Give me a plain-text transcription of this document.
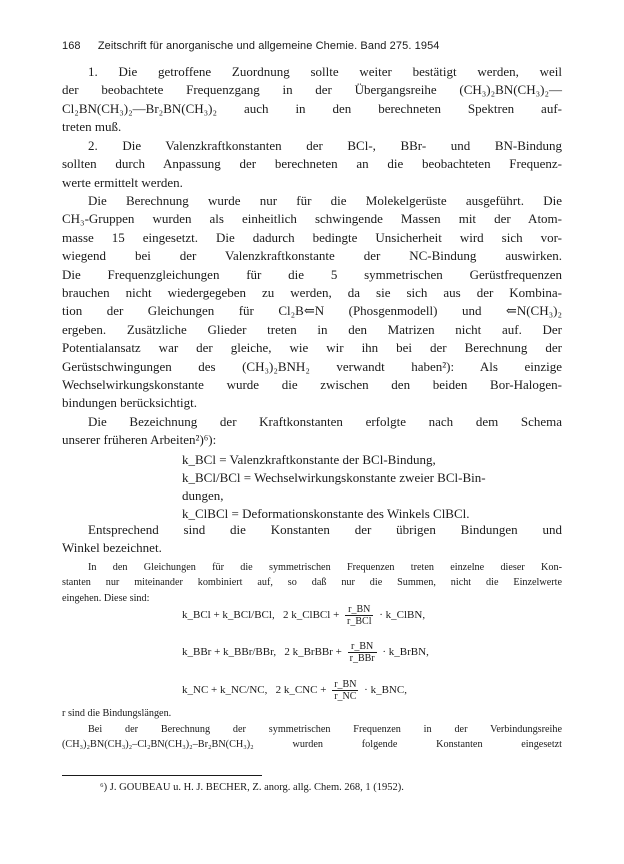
168 Zeitschrift für anorganische und allgemeine Chemie. Band 275. 1954
1. Die getroffene Zuordnung sollte weiter bestätigt werden, weil
der beobachtete Frequenzgang in der Übergangsreihe (CH₃)₂BN(CH₃)₂—
Cl₂BN(CH₃)₂—Br₂BN(CH₃)₂ auch in den berechneten Spektren auf-
treten muß.
2. Die Valenzkraftkonstanten der BCl-, BBr- und BN-Bindung
sollten durch Anpassung der berechneten an die beobachteten Frequenz-
werte ermittelt werden.
Die Berechnung wurde nur für die Molekelgerüste ausgeführt. Die
CH₃-Gruppen wurden als einheitlich schwingende Massen mit der Atom-
masse 15 eingesetzt. Die dadurch bedingte Unsicherheit wird sich vor-
wiegend bei der Valenzkraftkonstante der NC-Bindung auswirken.
Die Frequenzgleichungen für die 5 symmetrischen Gerüstfrequenzen
brauchen nicht wiedergegeben zu werden, da sie sich aus der Kombina-
tion der Gleichungen für Cl₂B⇐N (Phosgenmodell) und ⇐N(CH₃)₂
ergeben. Zusätzliche Glieder treten in den Matrizen nicht auf. Der
Potentialansatz war der gleiche, wie wir ihn bei der Berechnung der
Gerüstschwingungen des (CH₃)₂BNH₂ verwandt haben²): Als einzige
Wechselwirkungskonstante wurde die zwischen den beiden Bor-Halogen-
bindungen berücksichtigt.
Die Bezeichnung der Kraftkonstanten erfolgte nach dem Schema
unserer früheren Arbeiten²)⁶):
k_BCl = Valenzkraftkonstante der BCl-Bindung,
k_BCl/BCl = Wechselwirkungskonstante zweier BCl-Bin-
dungen,
k_ClBCl = Deformationskonstante des Winkels ClBCl.
Entsprechend sind die Konstanten der übrigen Bindungen und
Winkel bezeichnet.
In den Gleichungen für die symmetrischen Frequenzen treten einzelne dieser Kon-
stanten nur miteinander kombiniert auf, so daß nur die Summen, nicht die Einzelwerte
eingehen. Diese sind:
k_BCl + k_BCl/BCl, 2 k_ClBCl + $\frac{r\_BN}{\text{r\_BCl}}$ · k_ClBN,
k_BBr + k_BBr/BBr, 2 k_BrBBr + $\frac{r\_BN}{\text{r\_BBr}}$ · k_BrBN,
k_NC + k_NC/NC, 2 k_CNC + $\frac{r\_BN}{r\_NC}$ · k_BNC,
r sind die Bindungslängen.
Bei der Berechnung der symmetrischen Frequenzen in der Verbindungsreihe
(CH₃)₂BN(CH₃)₂–Cl₂BN(CH₃)₂–Br₂BN(CH₃)₂ wurden folgende Konstanten eingesetzt
⁶) J. GOUBEAU u. H. J. BECHER, Z. anorg. allg. Chem. 268, 1 (1952).
